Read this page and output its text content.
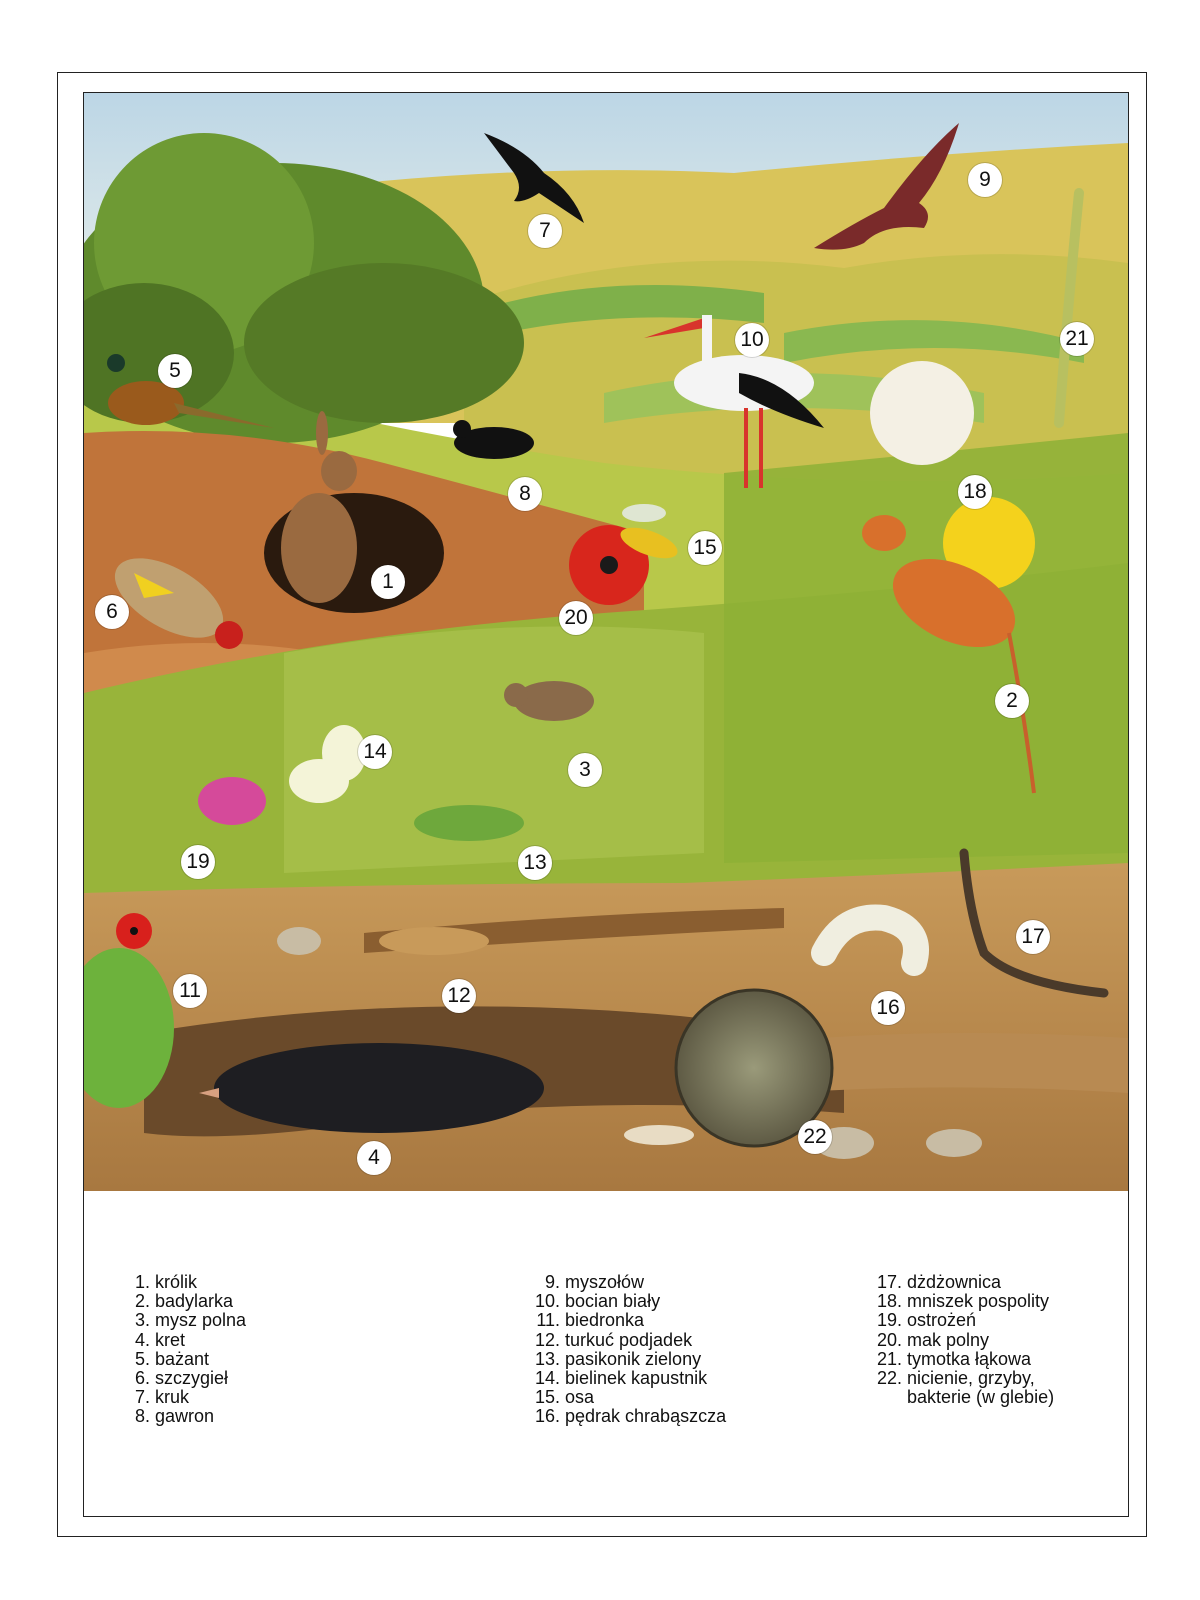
1
2
3
4
5
6
7
8
9
10
11	12
13
14
15
16
17
18
19
20
21
22
1. królik
2. badylarka
3. mysz polna
4. kret
5. bażant
6. szczygieł
7. kruk
8. gawron
9. myszołów
10. bocian biały
11. biedronka
12. turkuć podjadek
13. pasikonik zielony
14. bielinek kapustnik
15. osa
16. pędrak chrabąszcza
17. dżdżownica
18. mniszek pospolity
19. ostrożeń
20. mak polny
21. tymotka łąkowa
22. nicienie, grzyby,
bakterie (w glebie)
